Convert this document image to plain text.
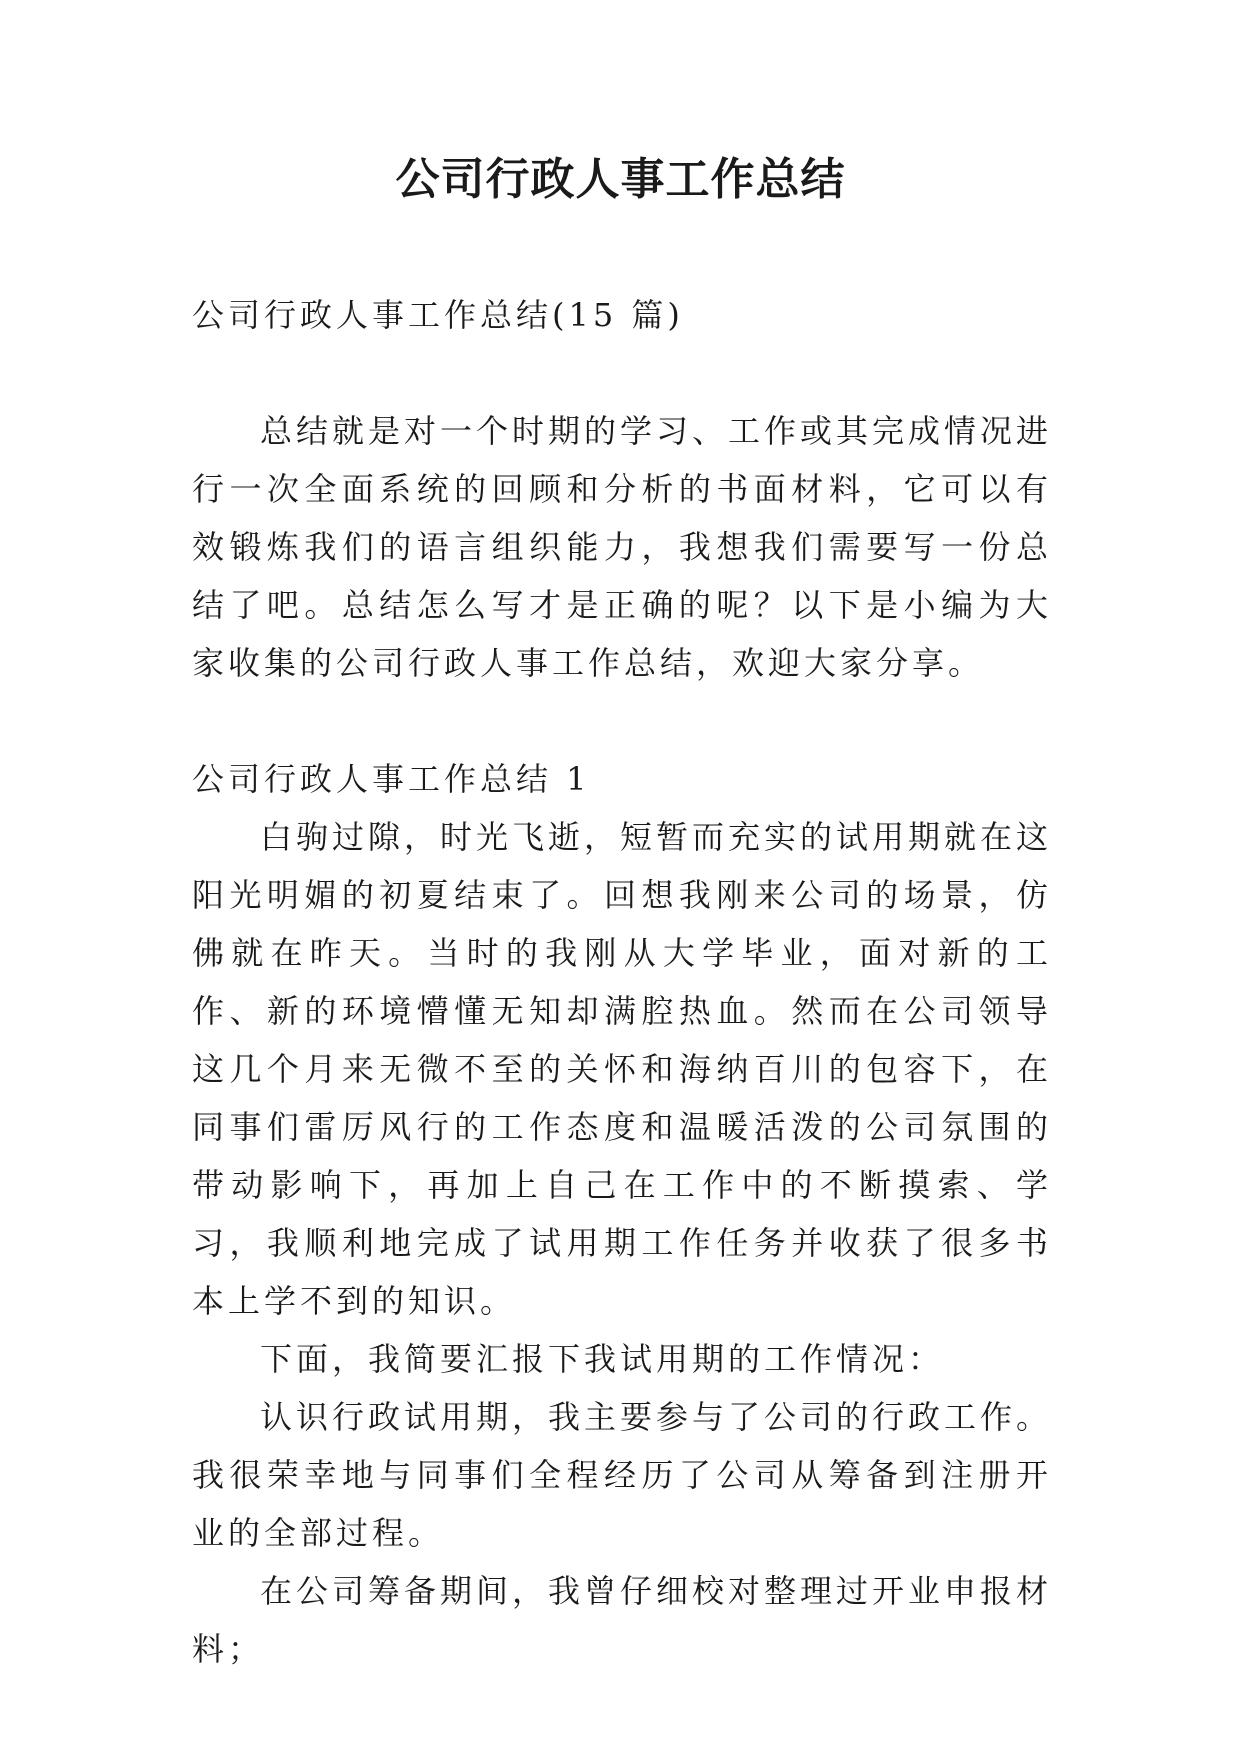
公司行政人事工作总结

公司行政人事工作总结(15 篇)

总结就是对一个时期的学习、工作或其完成情况进行一次全面系统的回顾和分析的书面材料，它可以有效锻炼我们的语言组织能力，我想我们需要写一份总结了吧。总结怎么写才是正确的呢？以下是小编为大家收集的公司行政人事工作总结，欢迎大家分享。

公司行政人事工作总结 1

白驹过隙，时光飞逝，短暂而充实的试用期就在这阳光明媚的初夏结束了。回想我刚来公司的场景，仿佛就在昨天。当时的我刚从大学毕业，面对新的工作、新的环境懵懂无知却满腔热血。然而在公司领导这几个月来无微不至的关怀和海纳百川的包容下，在同事们雷厉风行的工作态度和温暖活泼的公司氛围的带动影响下，再加上自己在工作中的不断摸索、学习，我顺利地完成了试用期工作任务并收获了很多书本上学不到的知识。

下面，我简要汇报下我试用期的工作情况：

认识行政试用期，我主要参与了公司的行政工作。我很荣幸地与同事们全程经历了公司从筹备到注册开业的全部过程。

在公司筹备期间，我曾仔细校对整理过开业申报材料；
